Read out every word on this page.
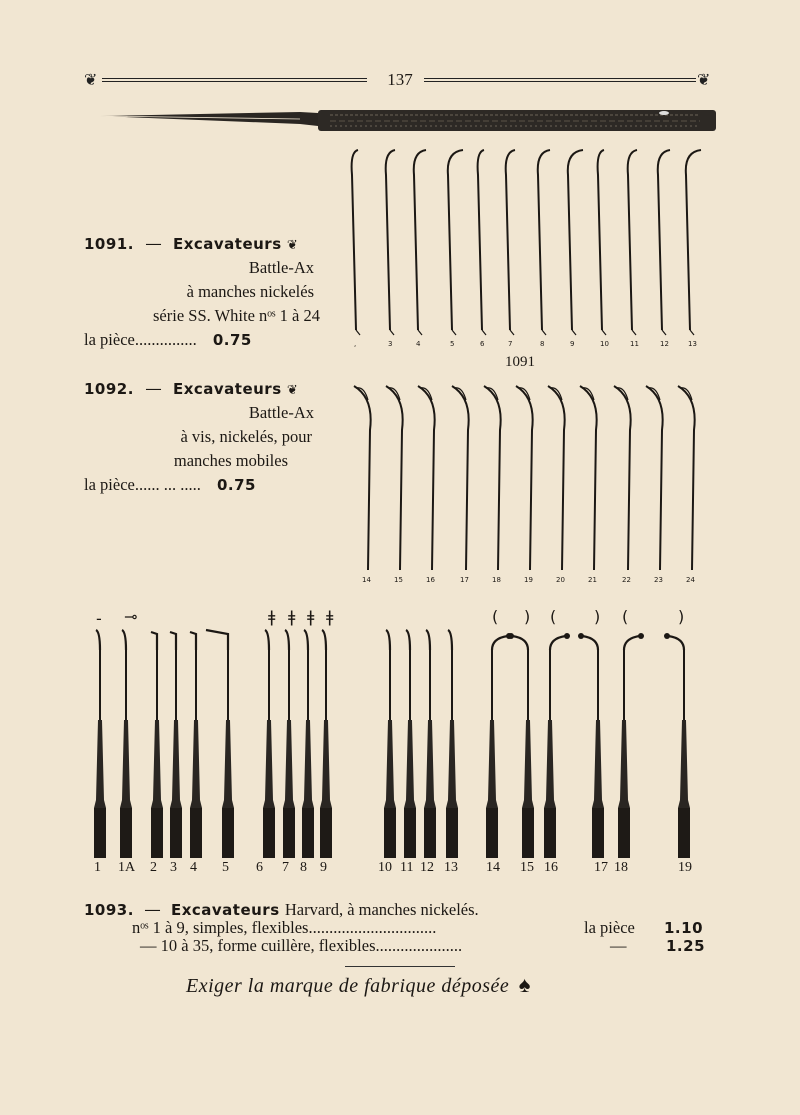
❦	137	❦
1091. — Excavateurs ❦
Battle-Ax
à manches nickelés
série SS. White nᵒˢ 1 à 24
la pièce............... 0.75
1092. — Excavateurs ❦
Battle-Ax
à vis, nickelés, pour
manches mobiles
la pièce...... ... ..... 0.75
,	3	4	5	6	7	8	9	10	11	12	13
1091
14	15	16	17	18	19	20	21	22	23	24
- ⊸	ǂ ǂ ǂ ǂ	( ) ( ) (	)
1 1A 2 3 4 5 6 7 8 9	10 11 12 13 14 15 16	17 18	19
1093. — Excavateurs Harvard, à manches nickelés.
nᵒˢ 1 à 9, simples, flexibles...............................	la pièce 1.10
— 10 à 35, forme cuillère, flexibles.....................	—	1.25
Exiger la marque de fabrique déposée ♠
